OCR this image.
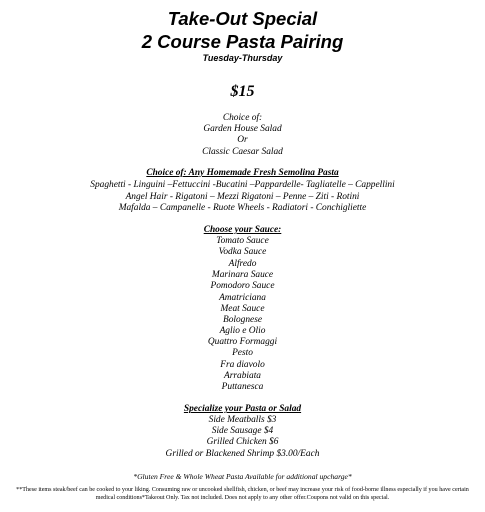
Take-Out Special
2 Course Pasta Pairing
Tuesday-Thursday
$15
Choice of:
Garden House Salad
Or
Classic Caesar Salad
Choice of: Any Homemade Fresh Semolina Pasta
Spaghetti - Linguini –Fettuccini -Bucatini –Pappardelle- Tagliatelle – Cappellini
Angel Hair - Rigatoni – Mezzi Rigatoni – Penne – Ziti - Rotini
Mafalda – Campanelle - Ruote Wheels - Radiatori - Conchigliette
Choose your Sauce:
Tomato Sauce
Vodka Sauce
Alfredo
Marinara Sauce
Pomodoro Sauce
Amatriciana
Meat Sauce
Bolognese
Aglio e Olio
Quattro Formaggi
Pesto
Fra diavolo
Arrabiata
Puttanesca
Specialize your Pasta or Salad
Side Meatballs $3
Side Sausage $4
Grilled Chicken $6
Grilled or Blackened Shrimp $3.00/Each
*Gluten Free & Whole Wheat Pasta Available for additional upcharge*
**These items steak/beef can be cooked to your liking. Consuming raw or uncooked shellfish, chicken, or beef may increase your risk of food-borne illness especially if you have certain medical conditions*Takeout Only. Tax not included. Does not apply to any other offer.Coupons not valid on this special.
